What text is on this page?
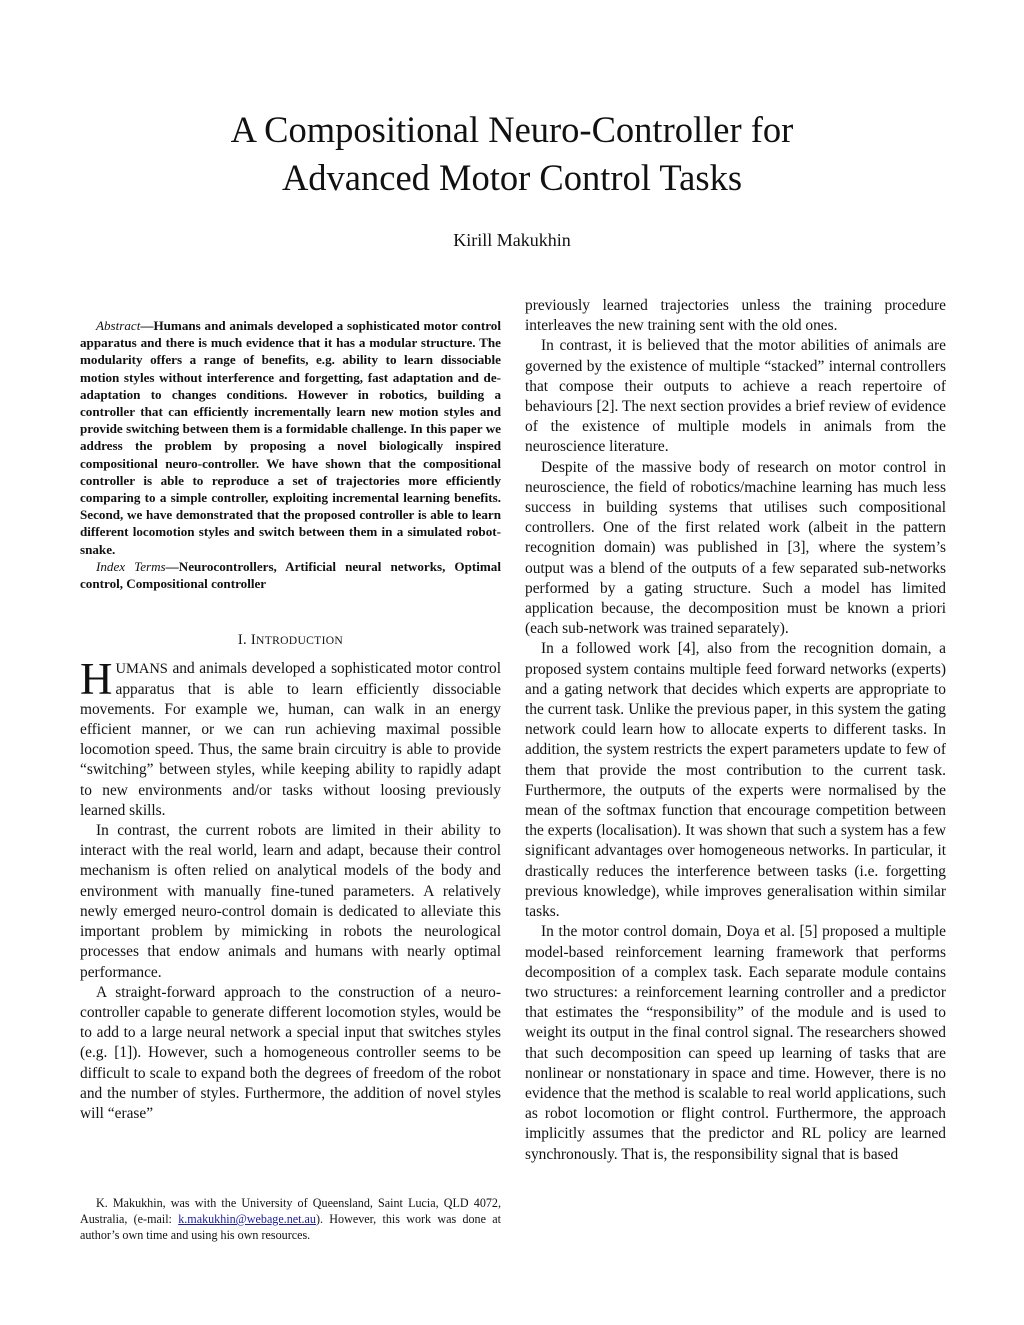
A Compositional Neuro-Controller for
Advanced Motor Control Tasks
Kirill Makukhin

Abstract—Humans and animals developed a sophisticated motor control apparatus and there is much evidence that it has a modular structure. The modularity offers a range of benefits, e.g. ability to learn dissociable motion styles without interference and forgetting, fast adaptation and de-adaptation to changes conditions. However in robotics, building a controller that can efficiently incrementally learn new motion styles and provide switching between them is a formidable challenge. In this paper we address the problem by proposing a novel biologically inspired compositional neuro-controller. We have shown that the compositional controller is able to reproduce a set of trajectories more efficiently comparing to a simple controller, exploiting incremental learning benefits. Second, we have demonstrated that the proposed controller is able to learn different locomotion styles and switch between them in a simulated robot-snake.

Index Terms—Neurocontrollers, Artificial neural networks, Optimal control, Compositional controller

I. INTRODUCTION

HUMANS and animals developed a sophisticated motor control apparatus that is able to learn efficiently dissociable movements. For example we, human, can walk in an energy efficient manner, or we can run achieving maximal possible locomotion speed. Thus, the same brain circuitry is able to provide “switching” between styles, while keeping ability to rapidly adapt to new environments and/or tasks without loosing previously learned skills.

In contrast, the current robots are limited in their ability to interact with the real world, learn and adapt, because their control mechanism is often relied on analytical models of the body and environment with manually fine-tuned parameters. A relatively newly emerged neuro-control domain is dedicated to alleviate this important problem by mimicking in robots the neurological processes that endow animals and humans with nearly optimal performance.

A straight-forward approach to the construction of a neuro-controller capable to generate different locomotion styles, would be to add to a large neural network a special input that switches styles (e.g. [1]). However, such a homogeneous controller seems to be difficult to scale to expand both the degrees of freedom of the robot and the number of styles. Furthermore, the addition of novel styles will “erase”

previously learned trajectories unless the training procedure interleaves the new training sent with the old ones.

In contrast, it is believed that the motor abilities of animals are governed by the existence of multiple “stacked” internal controllers that compose their outputs to achieve a reach repertoire of behaviours [2]. The next section provides a brief review of evidence of the existence of multiple models in animals from the neuroscience literature.

Despite of the massive body of research on motor control in neuroscience, the field of robotics/machine learning has much less success in building systems that utilises such compositional controllers. One of the first related work (albeit in the pattern recognition domain) was published in [3], where the system’s output was a blend of the outputs of a few separated sub-networks performed by a gating structure. Such a model has limited application because, the decomposition must be known a priori (each sub-network was trained separately).

In a followed work [4], also from the recognition domain, a proposed system contains multiple feed forward networks (experts) and a gating network that decides which experts are appropriate to the current task. Unlike the previous paper, in this system the gating network could learn how to allocate experts to different tasks. In addition, the system restricts the expert parameters update to few of them that provide the most contribution to the current task. Furthermore, the outputs of the experts were normalised by the mean of the softmax function that encourage competition between the experts (localisation). It was shown that such a system has a few significant advantages over homogeneous networks. In particular, it drastically reduces the interference between tasks (i.e. forgetting previous knowledge), while improves generalisation within similar tasks.

In the motor control domain, Doya et al. [5] proposed a multiple model-based reinforcement learning framework that performs decomposition of a complex task. Each separate module contains two structures: a reinforcement learning controller and a predictor that estimates the “responsibility” of the module and is used to weight its output in the final control signal. The researchers showed that such decomposition can speed up learning of tasks that are nonlinear or nonstationary in space and time. However, there is no evidence that the method is scalable to real world applications, such as robot locomotion or flight control. Furthermore, the approach implicitly assumes that the predictor and RL policy are learned synchronously. That is, the responsibility signal that is based

K. Makukhin, was with the University of Queensland, Saint Lucia, QLD 4072, Australia, (e-mail: k.makukhin@webage.net.au). However, this work was done at author’s own time and using his own resources.
